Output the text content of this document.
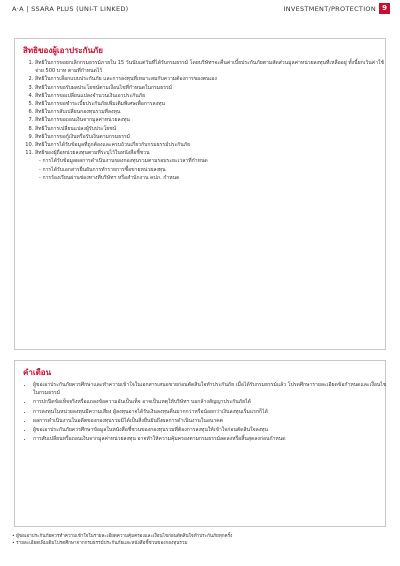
A·A | SSARA PLUS (UNI-T LINKED)	INVESTMENT/PROTECTION 9
สิทธิของผู้เอาประกันภัย
1. สิทธิในการขอยกเลิกกรมธรรม์ภายใน 15 วันนับแต่วันที่ได้รับกรมธรรม์ โดยบริษัทฯจะคืนค่าเบี้ยประกันภัยตามสัดส่วนมูลค่าหน่วยลงทุนที่เหลืออยู่ ทั้งนี้ยกเว้นค่าใช้จ่าย 500 บาท ตามที่กำหนดไว้
2. สิทธิในการเลือกแบบประกันภัย และการลงทุนที่เหมาะสมกับความต้องการของตนเอง
3. สิทธิในการขอรับผลประโยชน์ตามเงื่อนไขที่กำหนดในกรมธรรม์
4. สิทธิในการขอเปลี่ยนแปลงจำนวนเงินเอาประกันภัย
5. สิทธิในการขอชำระเบี้ยประกันภัยเพิ่มเติมพิเศษเพื่อการลงทุน
6. สิทธิในการสับเปลี่ยนกองทุนรวมที่ลงทุน
7. สิทธิในการขอถอนเงินจากมูลค่าหน่วยลงทุน
8. สิทธิในการเปลี่ยนแปลงผู้รับประโยชน์
9. สิทธิในการขอกู้เงินหรือรับเงินตามกรมธรรม์
10. สิทธิในการได้รับข้อมูลที่ถูกต้องและครบถ้วนเกี่ยวกับกรมธรรม์ประกันภัย
11. สิทธิของผู้ถือหน่วยลงทุนตามที่ระบุไว้ในหนังสือชี้ชวน
- การได้รับข้อมูลผลการดำเนินงานของกองทุนรวมตามรอบระยะเวลาที่กำหนด
- การได้รับเอกสารยืนยันการทำรายการซื้อขายหน่วยลงทุน
- การร้องเรียนผ่านช่องทางที่บริษัทฯ หรือสำนักงาน คปภ. กำหนด
คำเตือน
• ผู้ขอเอาประกันภัยควรศึกษาและทำความเข้าใจในเอกสารเสนอขายก่อนตัดสินใจทำประกันภัย เมื่อได้รับกรมธรรม์แล้ว โปรดศึกษารายละเอียดข้อกำหนดและเงื่อนไขในกรมธรรม์
• การปกปิดข้อเท็จจริงหรือแถลงข้อความอันเป็นเท็จ อาจเป็นเหตุให้บริษัทฯ บอกล้างสัญญาประกันภัยได้
• การลงทุนในหน่วยลงทุนมีความเสี่ยง ผู้ลงทุนอาจได้รับเงินลงทุนคืนมากกว่าหรือน้อยกว่าเงินลงทุนเริ่มแรกก็ได้
• ผลการดำเนินงานในอดีตของกองทุนรวมมิได้เป็นสิ่งยืนยันถึงผลการดำเนินงานในอนาคต
• ผู้ขอเอาประกันภัยควรศึกษาข้อมูลในหนังสือชี้ชวนของกองทุนรวมที่ต้องการลงทุนให้เข้าใจก่อนตัดสินใจลงทุน
• การสับเปลี่ยนหรือถอนเงินจากมูลค่าหน่วยลงทุน อาจทำให้ความคุ้มครองตามกรมธรรม์ลดลงหรือสิ้นสุดลงก่อนกำหนด
• ผู้ขอเอาประกันภัยควรทำความเข้าใจในรายละเอียดความคุ้มครองและเงื่อนไขก่อนตัดสินใจทำประกันภัยทุกครั้ง
• รายละเอียดเพิ่มเติมโปรดศึกษาจากกรมธรรม์ประกันภัยและหนังสือชี้ชวนของกองทุนรวม
